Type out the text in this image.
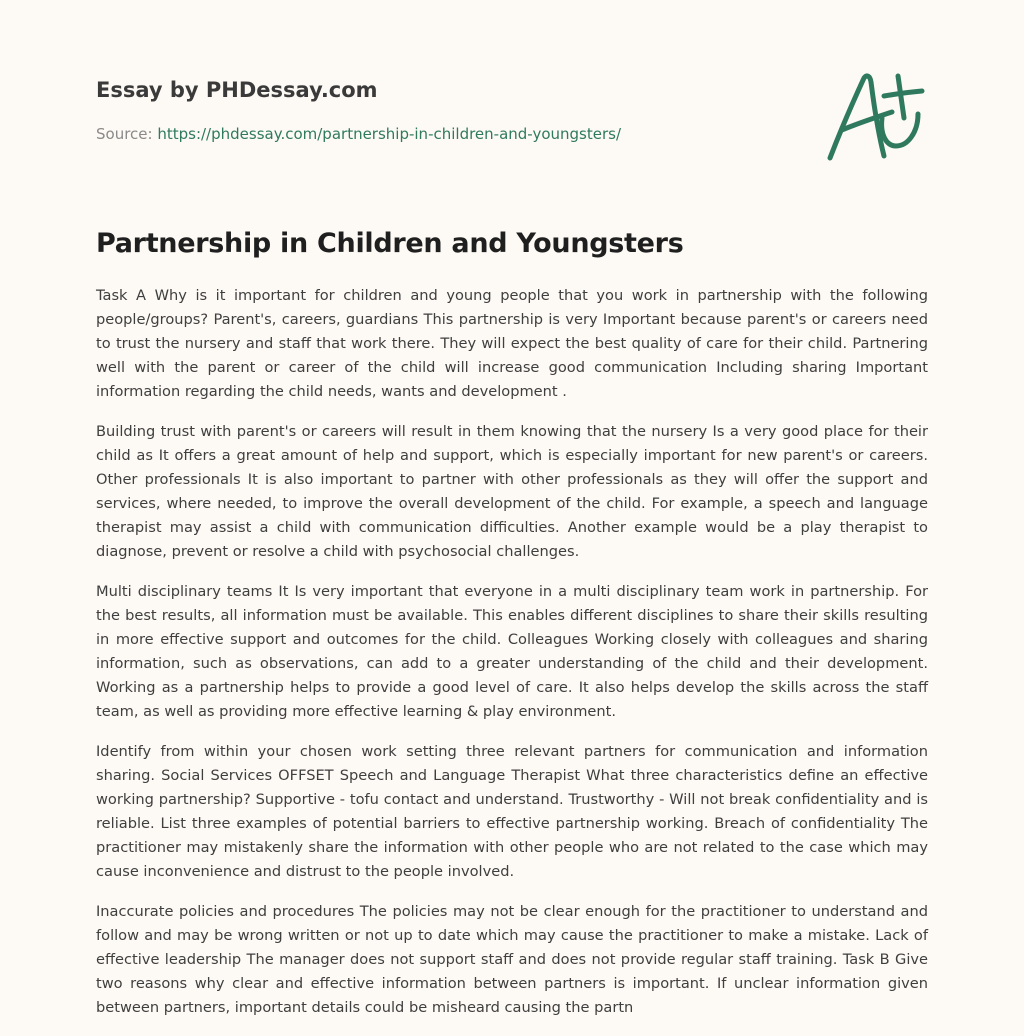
Essay by PHDessay.com
Source: https://phdessay.com/partnership-in-children-and-youngsters/
Partnership in Children and Youngsters

Task A Why is it important for children and young people that you work in partnership with the following people/groups? Parent's, careers, guardians This partnership is very Important because parent's or careers need to trust the nursery and staff that work there. They will expect the best quality of care for their child. Partnering well with the parent or career of the child will increase good communication Including sharing Important information regarding the child needs, wants and development .

Building trust with parent's or careers will result in them knowing that the nursery Is a very good place for their child as It offers a great amount of help and support, which is especially important for new parent's or careers. Other professionals It is also important to partner with other professionals as they will offer the support and services, where needed, to improve the overall development of the child. For example, a speech and language therapist may assist a child with communication difficulties. Another example would be a play therapist to diagnose, prevent or resolve a child with psychosocial challenges.

Multi disciplinary teams It Is very important that everyone in a multi disciplinary team work in partnership. For the best results, all information must be available. This enables different disciplines to share their skills resulting in more effective support and outcomes for the child. Colleagues Working closely with colleagues and sharing information, such as observations, can add to a greater understanding of the child and their development. Working as a partnership helps to provide a good level of care. It also helps develop the skills across the staff team, as well as providing more effective learning & play environment.

Identify from within your chosen work setting three relevant partners for communication and information sharing. Social Services OFFSET Speech and Language Therapist What three characteristics define an effective working partnership? Supportive - tofu contact and understand. Trustworthy - Will not break confidentiality and is reliable. List three examples of potential barriers to effective partnership working. Breach of confidentiality The practitioner may mistakenly share the information with other people who are not related to the case which may cause inconvenience and distrust to the people involved.

Inaccurate policies and procedures The policies may not be clear enough for the practitioner to understand and follow and may be wrong written or not up to date which may cause the practitioner to make a mistake. Lack of effective leadership The manager does not support staff and does not provide regular staff training. Task B Give two reasons why clear and effective information between partners is important. If unclear information given between partners, important details could be misheard causing the partn
